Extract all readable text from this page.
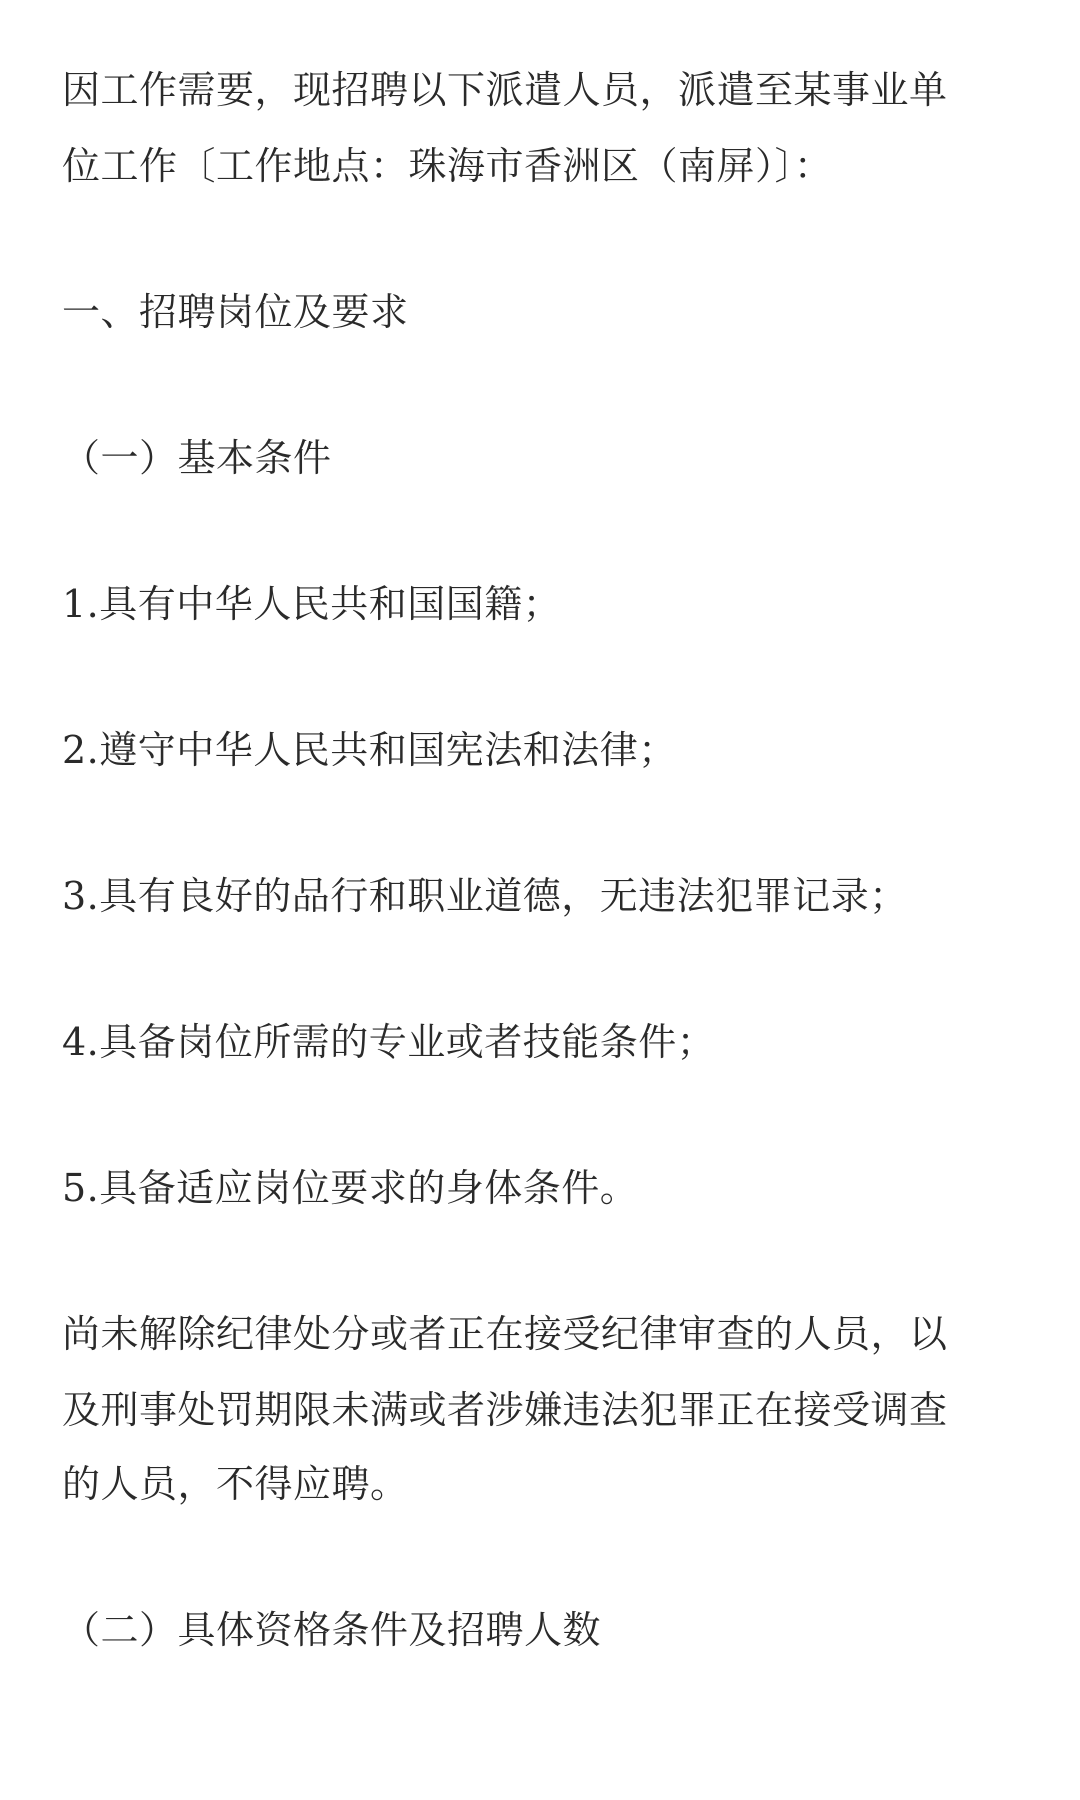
因工作需要，现招聘以下派遣人员，派遣至某事业单
位工作〔工作地点：珠海市香洲区（南屏）〕：
一、招聘岗位及要求
（一）基本条件
1.具有中华人民共和国国籍；
2.遵守中华人民共和国宪法和法律；
3.具有良好的品行和职业道德，无违法犯罪记录；
4.具备岗位所需的专业或者技能条件；
5.具备适应岗位要求的身体条件。
尚未解除纪律处分或者正在接受纪律审查的人员，以
及刑事处罚期限未满或者涉嫌违法犯罪正在接受调查
的人员，不得应聘。
（二）具体资格条件及招聘人数
